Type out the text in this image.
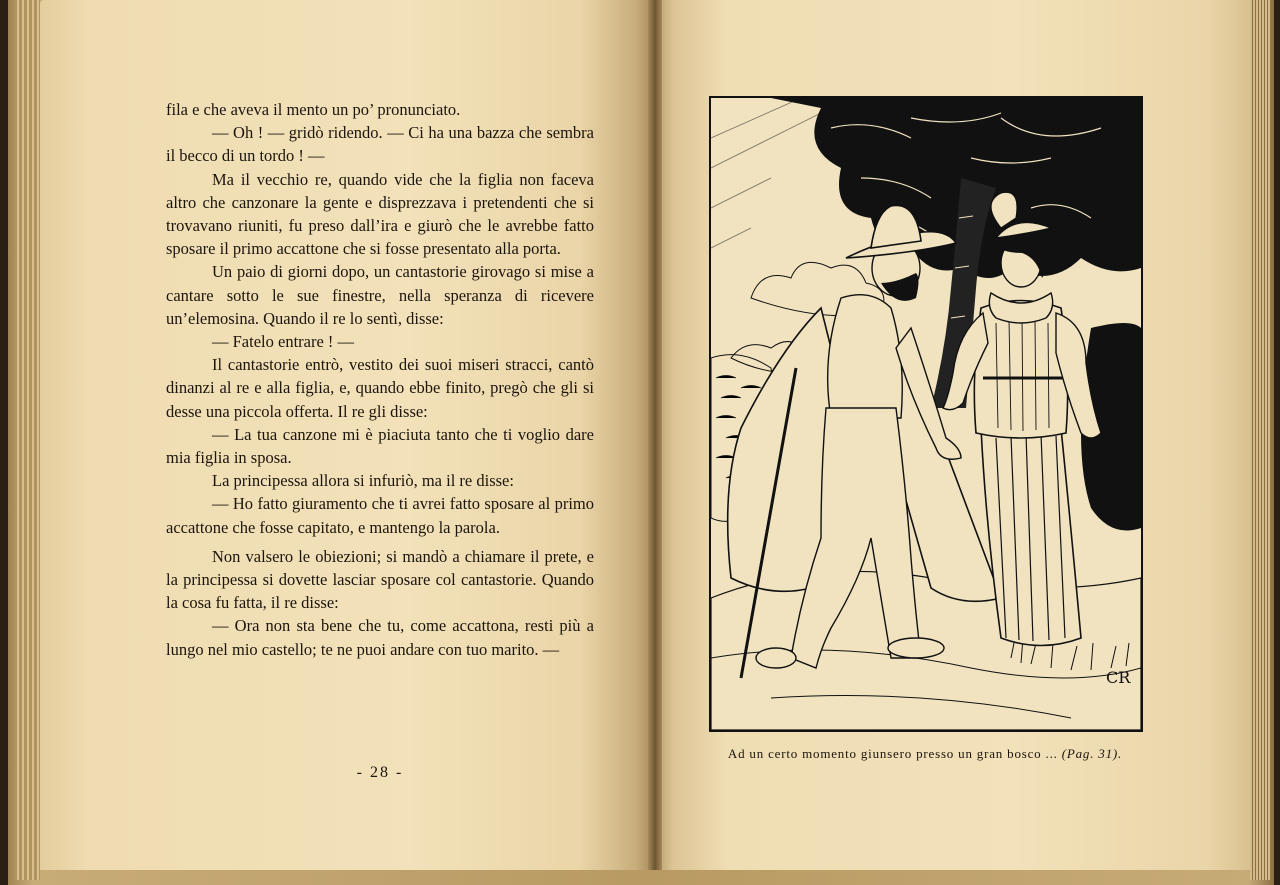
fila e che aveva il mento un po’ pronunciato.

— Oh ! — gridò ridendo. — Ci ha una bazza che sembra il becco di un tordo ! —

Ma il vecchio re, quando vide che la figlia non faceva altro che canzonare la gente e disprezzava i pretendenti che si trovavano riuniti, fu preso dall’ira e giurò che le avrebbe fatto sposare il primo accattone che si fosse presentato alla porta.

Un paio di giorni dopo, un cantastorie girovago si mise a cantare sotto le sue finestre, nella speranza di ricevere un’elemosina. Quando il re lo sentì, disse:

— Fatelo entrare ! —

Il cantastorie entrò, vestito dei suoi miseri stracci, cantò dinanzi al re e alla figlia, e, quando ebbe finito, pregò che gli si desse una piccola offerta. Il re gli disse:

— La tua canzone mi è piaciuta tanto che ti voglio dare mia figlia in sposa.

La principessa allora si infuriò, ma il re disse:

— Ho fatto giuramento che ti avrei fatto sposare al primo accattone che fosse capitato, e mantengo la parola.

Non valsero le obiezioni; si mandò a chiamare il prete, e la principessa si dovette lasciar sposare col cantastorie. Quando la cosa fu fatta, il re disse:

— Ora non sta bene che tu, come accattona, resti più a lungo nel mio castello; te ne puoi andare con tuo marito. —

- 28 -
CR
Ad un certo momento giunsero presso un gran bosco ... (Pag. 31).
